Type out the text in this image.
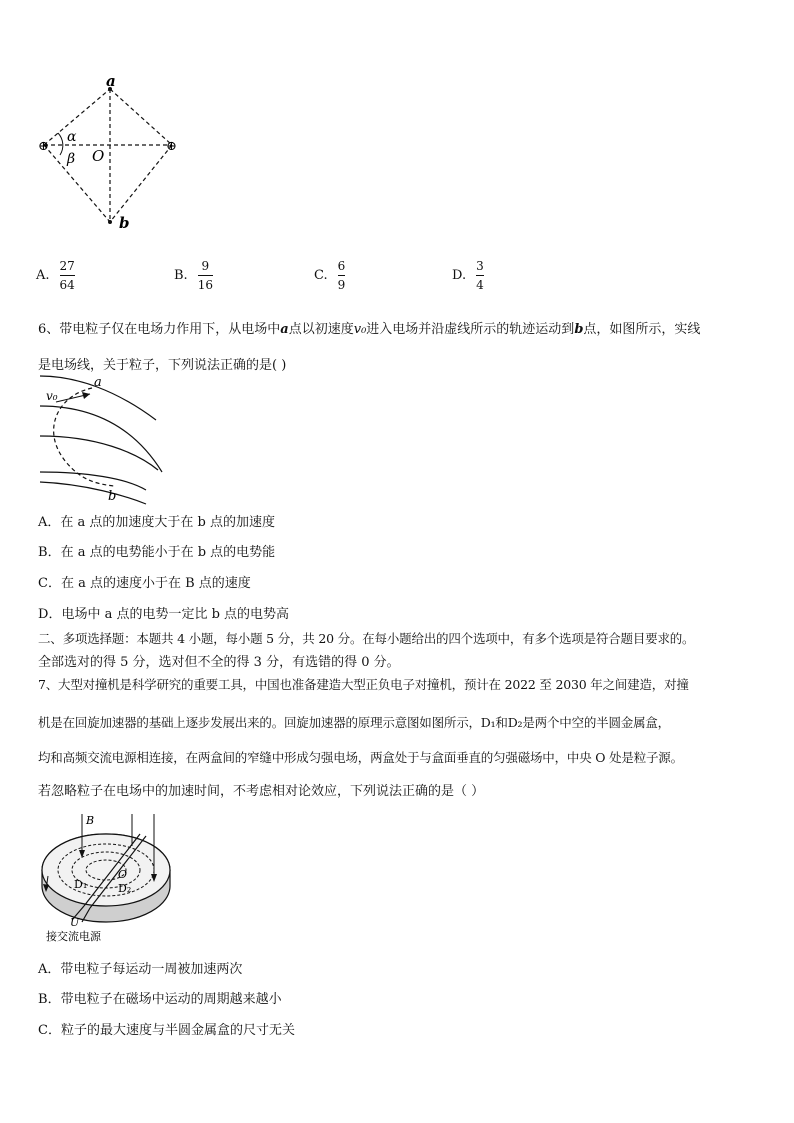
⊕	⊕
a
b
O
α
β
A. $\frac{27}{64}$	B. $\frac{9}{16}$	C. $\frac{6}{9}$	D. $\frac{3}{4}$
6、带电粒子仅在电场力作用下，从电场中a点以初速度v₀进入电场并沿虚线所示的轨迹运动到b点，如图所示，实线
是电场线，关于粒子，下列说法正确的是( )
a
v₀
b
A．在 a 点的加速度大于在 b 点的加速度
B．在 a 点的电势能小于在 b 点的电势能
C．在 a 点的速度小于在 B 点的速度
D．电场中 a 点的电势一定比 b 点的电势高
二、多项选择题：本题共 4 小题，每小题 5 分，共 20 分。在每小题给出的四个选项中，有多个选项是符合题目要求的。
全部选对的得 5 分，选对但不全的得 3 分，有选错的得 0 分。
7、大型对撞机是科学研究的重要工具，中国也准备建造大型正负电子对撞机，预计在 2022 至 2030 年之间建造，对撞
机是在回旋加速器的基础上逐步发展出来的。回旋加速器的原理示意图如图所示，D₁和D₂是两个中空的半圆金属盒，
均和高频交流电源相连接，在两盒间的窄缝中形成匀强电场，两盒处于与盒面垂直的匀强磁场中，中央 O 处是粒子源。
若忽略粒子在电场中的加速时间，不考虑相对论效应，下列说法正确的是（ ）
B
D₁	D₂
O
U
接交流电源
A．带电粒子每运动一周被加速两次
B．带电粒子在磁场中运动的周期越来越小
C．粒子的最大速度与半圆金属盒的尺寸无关
